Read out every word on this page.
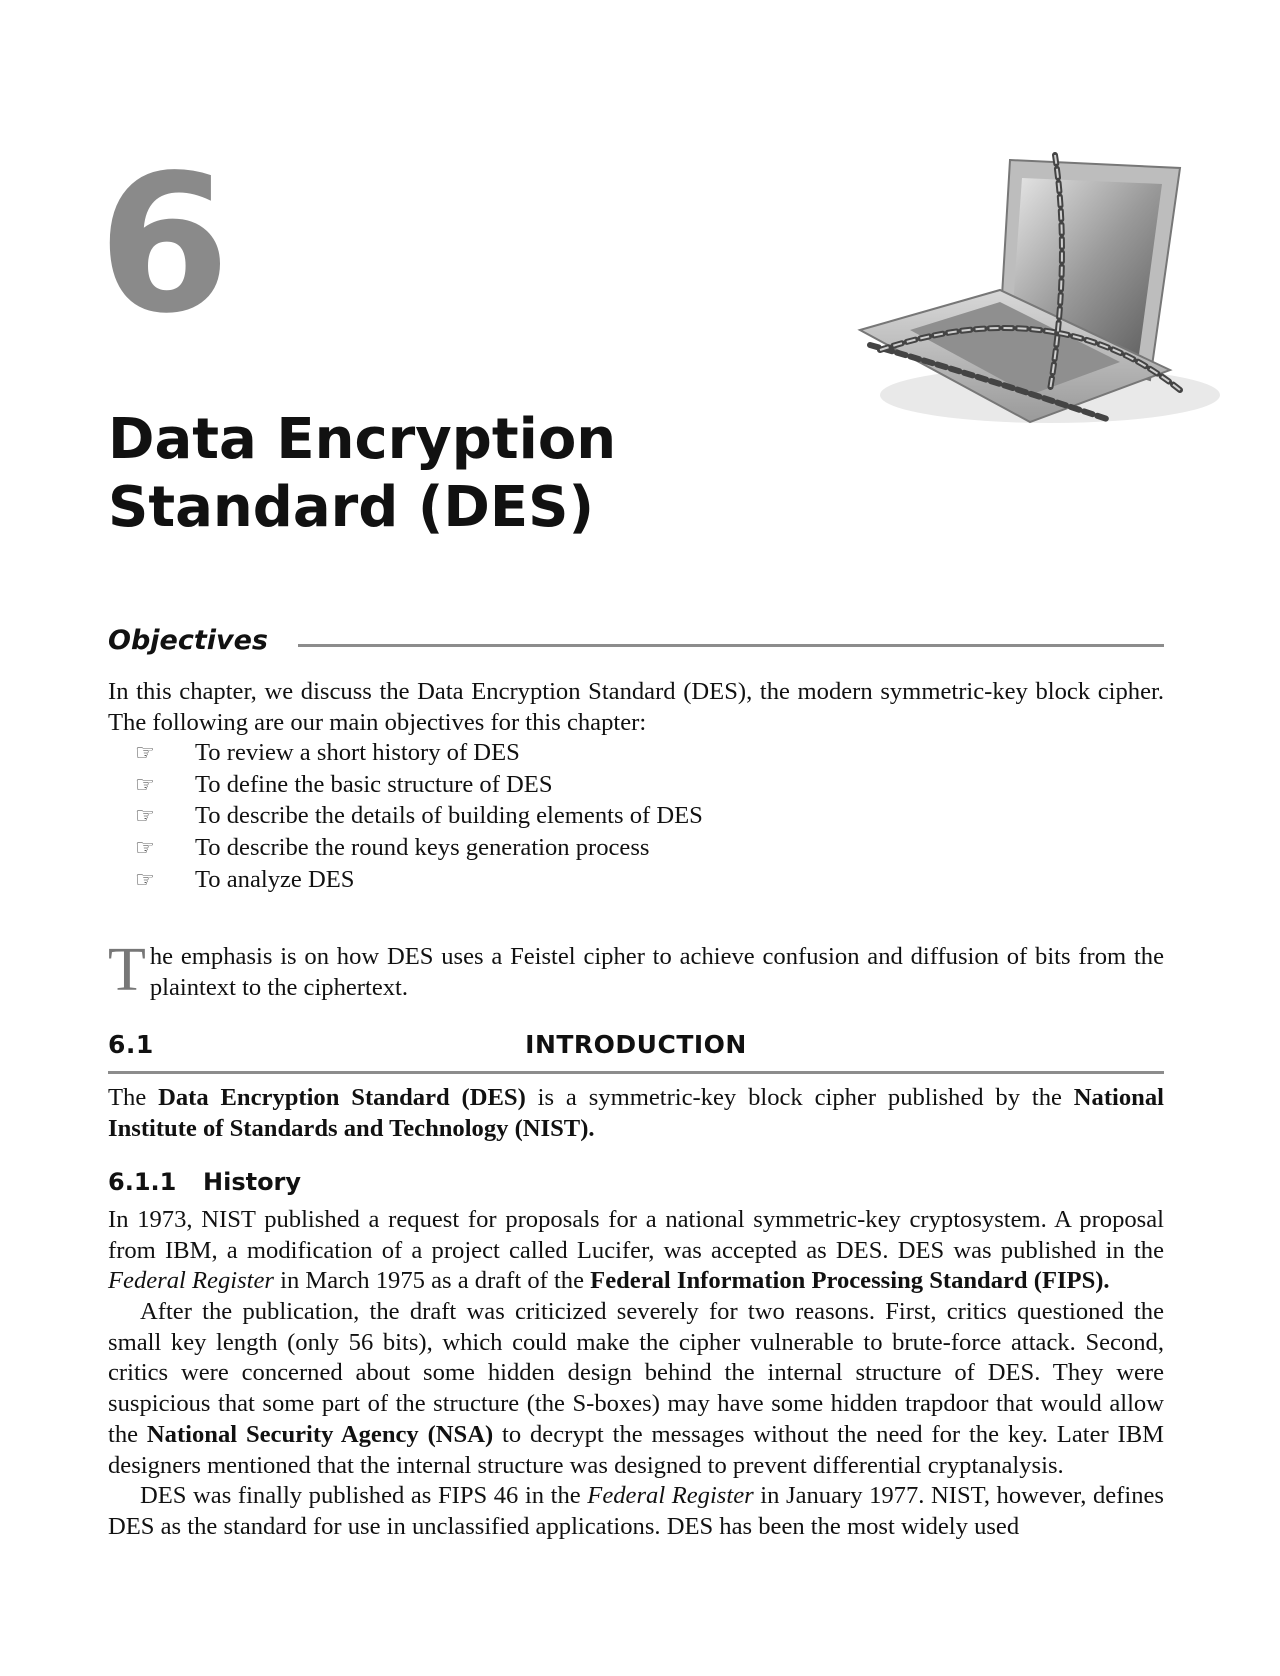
6
Data Encryption
Standard (DES)
Objectives

In this chapter, we discuss the Data Encryption Standard (DES), the modern symmetric-key block cipher. The following are our main objectives for this chapter:

☞	To review a short history of DES
☞	To define the basic structure of DES
☞	To describe the details of building elements of DES
☞	To describe the round keys generation process
☞	To analyze DES

The emphasis is on how DES uses a Feistel cipher to achieve confusion and diffusion of bits from the plaintext to the ciphertext.

INTRODUCTION
6.1

The Data Encryption Standard (DES) is a symmetric-key block cipher published by the National Institute of Standards and Technology (NIST).

6.1.1 History

In 1973, NIST published a request for proposals for a national symmetric-key cryptosystem. A proposal from IBM, a modification of a project called Lucifer, was accepted as DES. DES was published in the Federal Register in March 1975 as a draft of the Federal Information Processing Standard (FIPS).

After the publication, the draft was criticized severely for two reasons. First, critics questioned the small key length (only 56 bits), which could make the cipher vulnerable to brute-force attack. Second, critics were concerned about some hidden design behind the internal structure of DES. They were suspicious that some part of the structure (the S-boxes) may have some hidden trapdoor that would allow the National Security Agency (NSA) to decrypt the messages without the need for the key. Later IBM designers mentioned that the internal structure was designed to prevent differential cryptanalysis.

DES was finally published as FIPS 46 in the Federal Register in January 1977. NIST, however, defines DES as the standard for use in unclassified applications. DES has been the most widely used
